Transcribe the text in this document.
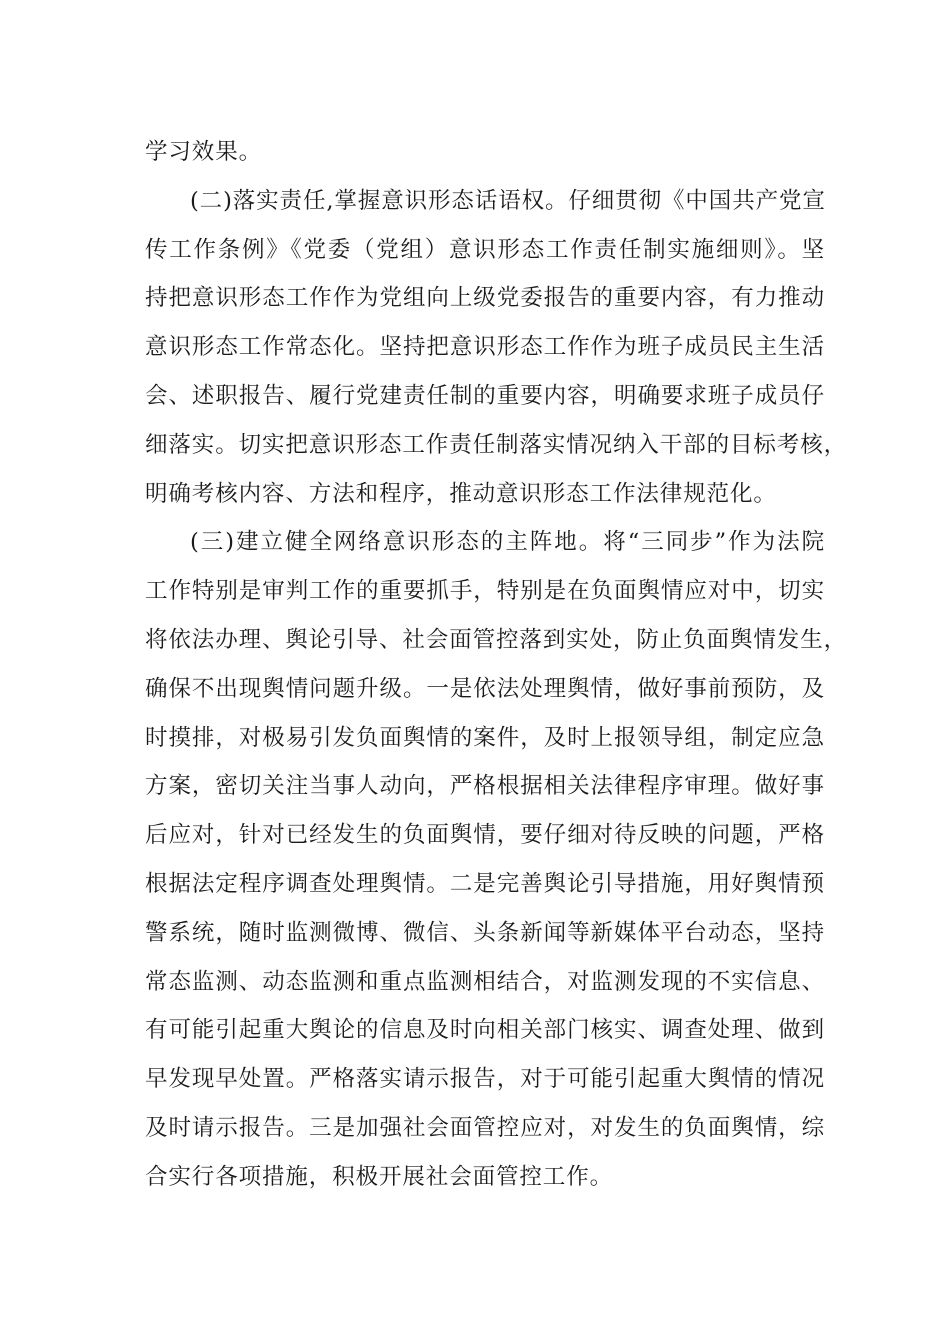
学习效果。
(二)落实责任,掌握意识形态话语权。仔细贯彻《中国共产党宣
传工作条例》《党委（党组）意识形态工作责任制实施细则》。坚
持把意识形态工作作为党组向上级党委报告的重要内容，有力推动
意识形态工作常态化。坚持把意识形态工作作为班子成员民主生活
会、述职报告、履行党建责任制的重要内容，明确要求班子成员仔
细落实。切实把意识形态工作责任制落实情况纳入干部的目标考核，
明确考核内容、方法和程序，推动意识形态工作法律规范化。
(三)建立健全网络意识形态的主阵地。将“三同步”作为法院
工作特别是审判工作的重要抓手，特别是在负面舆情应对中，切实
将依法办理、舆论引导、社会面管控落到实处，防止负面舆情发生，
确保不出现舆情问题升级。一是依法处理舆情，做好事前预防，及
时摸排，对极易引发负面舆情的案件，及时上报领导组，制定应急
方案，密切关注当事人动向，严格根据相关法律程序审理。做好事
后应对，针对已经发生的负面舆情，要仔细对待反映的问题，严格
根据法定程序调查处理舆情。二是完善舆论引导措施，用好舆情预
警系统，随时监测微博、微信、头条新闻等新媒体平台动态，坚持
常态监测、动态监测和重点监测相结合，对监测发现的不实信息、
有可能引起重大舆论的信息及时向相关部门核实、调查处理、做到
早发现早处置。严格落实请示报告，对于可能引起重大舆情的情况
及时请示报告。三是加强社会面管控应对，对发生的负面舆情，综
合实行各项措施，积极开展社会面管控工作。
